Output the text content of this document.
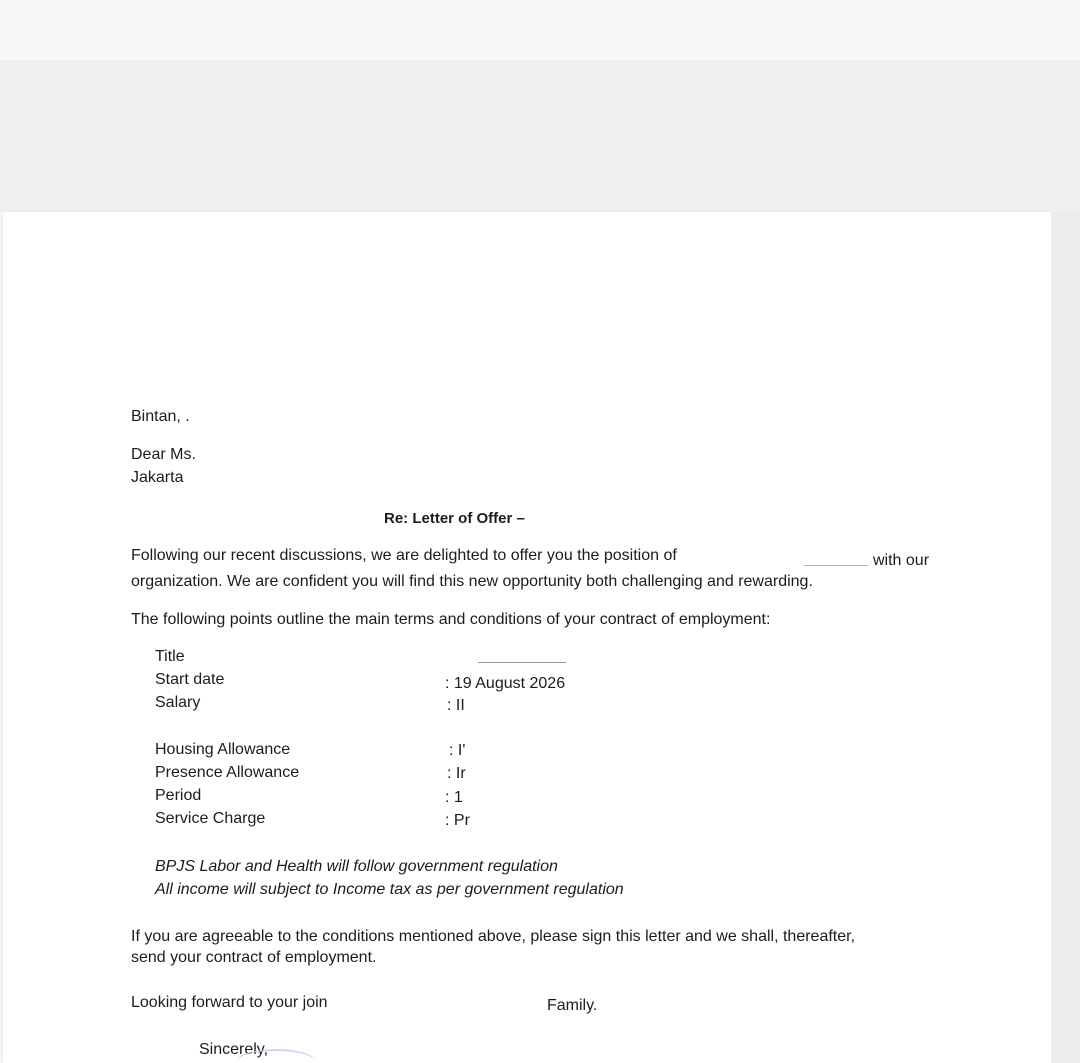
Bintan, .
Dear Ms.
Jakarta
Re: Letter of Offer –
Following our recent discussions, we are delighted to offer you the position of	with our
organization. We are confident you will find this new opportunity both challenging and rewarding.
The following points outline the main terms and conditions of your contract of employment:
Title
Start date	: 19 August 2026
Salary	: II
Housing Allowance	: I'
Presence Allowance	: Ir
Period	: 1
Service Charge	: Pr
BPJS Labor and Health will follow government regulation
All income will subject to Income tax as per government regulation
If you are agreeable to the conditions mentioned above, please sign this letter and we shall, thereafter,
send your contract of employment.
Looking forward to your join	Family.
Sincerely,
